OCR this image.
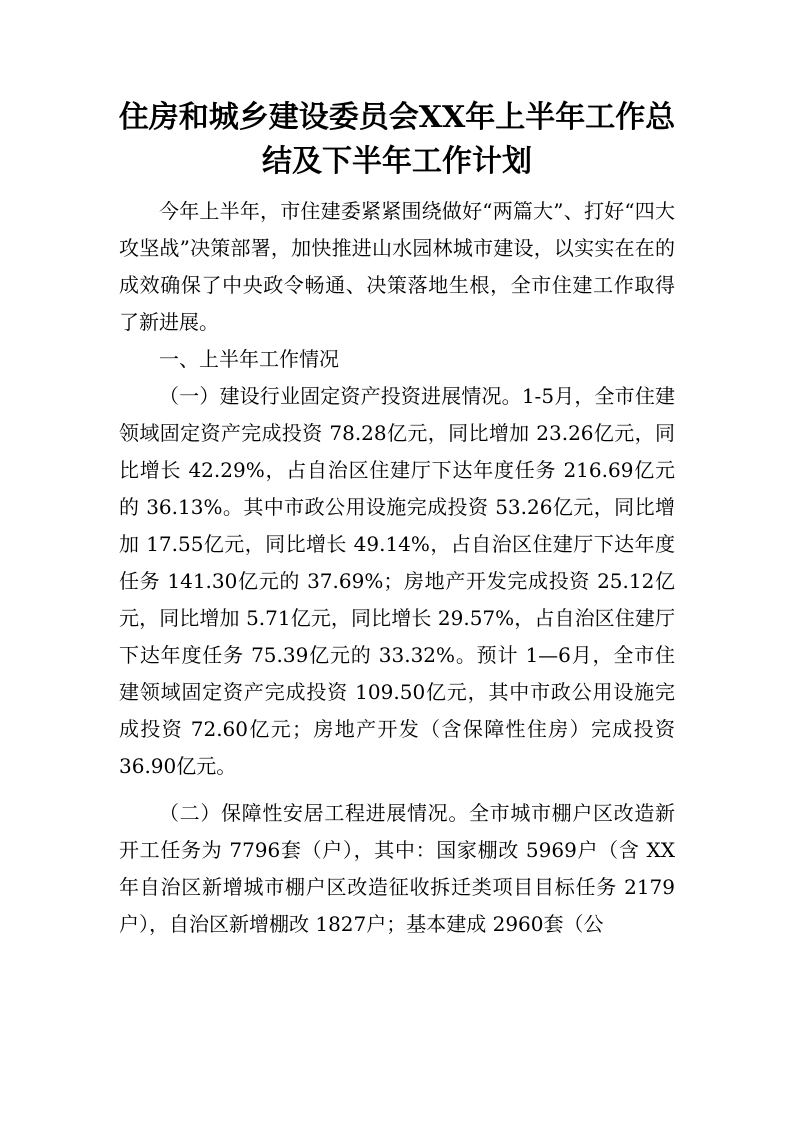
住房和城乡建设委员会XX年上半年工作总结及下半年工作计划

今年上半年，市住建委紧紧围绕做好“两篇大”、打好“四大攻坚战”决策部署，加快推进山水园林城市建设，以实实在在的成效确保了中央政令畅通、决策落地生根，全市住建工作取得了新进展。

一、上半年工作情况

（一）建设行业固定资产投资进展情况。1-5月，全市住建领域固定资产完成投资 78.28亿元，同比增加 23.26亿元，同比增长 42.29%，占自治区住建厅下达年度任务 216.69亿元的 36.13%。其中市政公用设施完成投资 53.26亿元，同比增加 17.55亿元，同比增长 49.14%，占自治区住建厅下达年度任务 141.30亿元的 37.69%；房地产开发完成投资 25.12亿元，同比增加 5.71亿元，同比增长 29.57%，占自治区住建厅下达年度任务 75.39亿元的 33.32%。预计 1—6月，全市住建领域固定资产完成投资 109.50亿元，其中市政公用设施完成投资 72.60亿元；房地产开发（含保障性住房）完成投资 36.90亿元。

（二）保障性安居工程进展情况。全市城市棚户区改造新开工任务为 7796套（户），其中：国家棚改 5969户（含 XX年自治区新增城市棚户区改造征收拆迁类项目目标任务 2179户），自治区新增棚改 1827户；基本建成 2960套（公
